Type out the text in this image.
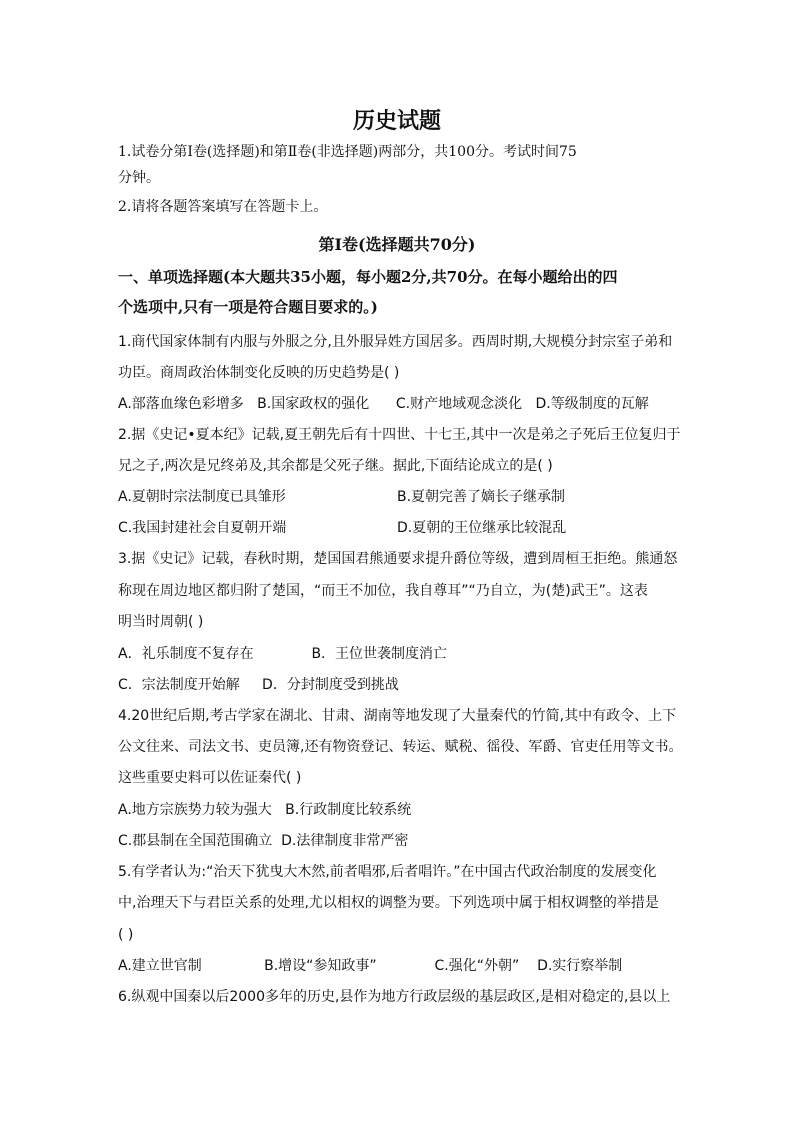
历史试题
1.试卷分第Ⅰ卷(选择题)和第Ⅱ卷(非选择题)两部分，共100分。考试时间75
分钟。
2.请将各题答案填写在答题卡上。
第Ⅰ卷(选择题共70分)
一、单项选择题(本大题共35小题，每小题2分,共70分。在每小题给出的四
个选项中,只有一项是符合题目要求的。)
1.商代国家体制有内服与外服之分,且外服异姓方国居多。西周时期,大规模分封宗室子弟和
功臣。商周政治体制变化反映的历史趋势是( )
A.部落血缘色彩增多 B.国家政权的强化 C.财产地域观念淡化 D.等级制度的瓦解
2.据《史记•夏本纪》记载,夏王朝先后有十四世、十七王,其中一次是弟之子死后王位复归于
兄之子,两次是兄终弟及,其余都是父死子继。据此,下面结论成立的是( )
A.夏朝时宗法制度已具雏形	B.夏朝完善了嫡长子继承制
C.我国封建社会自夏朝开端	D.夏朝的王位继承比较混乱
3.据《史记》记载，春秋时期，楚国国君熊通要求提升爵位等级，遭到周桓王拒绝。熊通怒
称现在周边地区都归附了楚国，“而王不加位，我自尊耳”“乃自立，为(楚)武王”。这表
明当时周朝( )
A．礼乐制度不复存在	B．王位世袭制度消亡
C．宗法制度开始解 D．分封制度受到挑战
4.20世纪后期,考古学家在湖北、甘肃、湖南等地发现了大量秦代的竹简,其中有政令、上下
公文往来、司法文书、吏员簿,还有物资登记、转运、赋税、徭役、军爵、官吏任用等文书。
这些重要史料可以佐证秦代( )
A.地方宗族势力较为强大 B.行政制度比较系统
C.郡县制在全国范围确立 D.法律制度非常严密
5.有学者认为:“治天下犹曳大木然,前者唱邪,后者唱许。”在中国古代政治制度的发展变化
中,治理天下与君臣关系的处理,尤以相权的调整为要。下列选项中属于相权调整的举措是
( )
A.建立世官制	B.增设“参知政事”	C.强化“外朝” D.实行察举制
6.纵观中国秦以后2000多年的历史,县作为地方行政层级的基层政区,是相对稳定的,县以上
